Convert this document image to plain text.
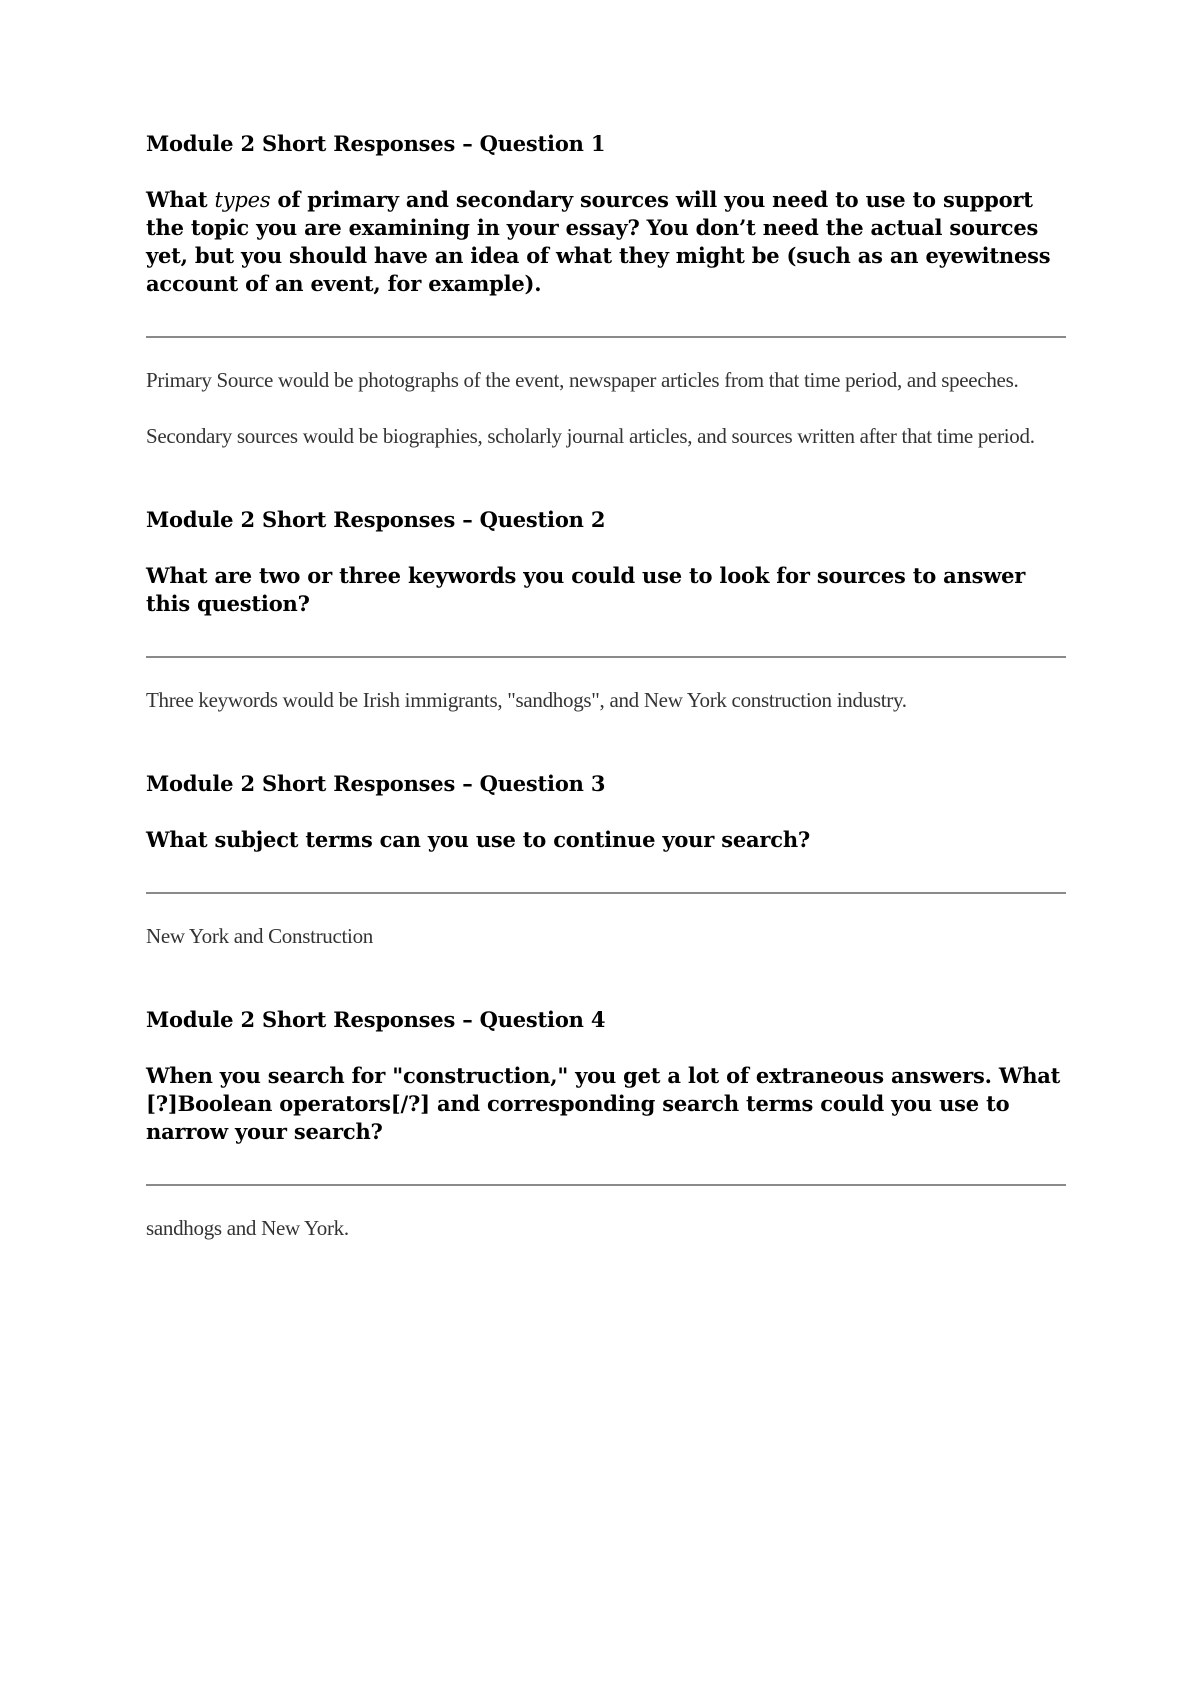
Module 2 Short Responses – Question 1

What types of primary and secondary sources will you need to use to support the topic you are examining in your essay? You don’t need the actual sources yet, but you should have an idea of what they might be (such as an eyewitness account of an event, for example).

Primary Source would be photographs of the event, newspaper articles from that time period, and speeches.

Secondary sources would be biographies, scholarly journal articles, and sources written after that time period.

Module 2 Short Responses – Question 2

What are two or three keywords you could use to look for sources to answer this question?

Three keywords would be Irish immigrants, "sandhogs", and New York construction industry.

Module 2 Short Responses – Question 3

What subject terms can you use to continue your search?

New York and Construction

Module 2 Short Responses – Question 4

When you search for "construction," you get a lot of extraneous answers. What [?]Boolean operators[/?] and corresponding search terms could you use to narrow your search?

sandhogs and New York.
